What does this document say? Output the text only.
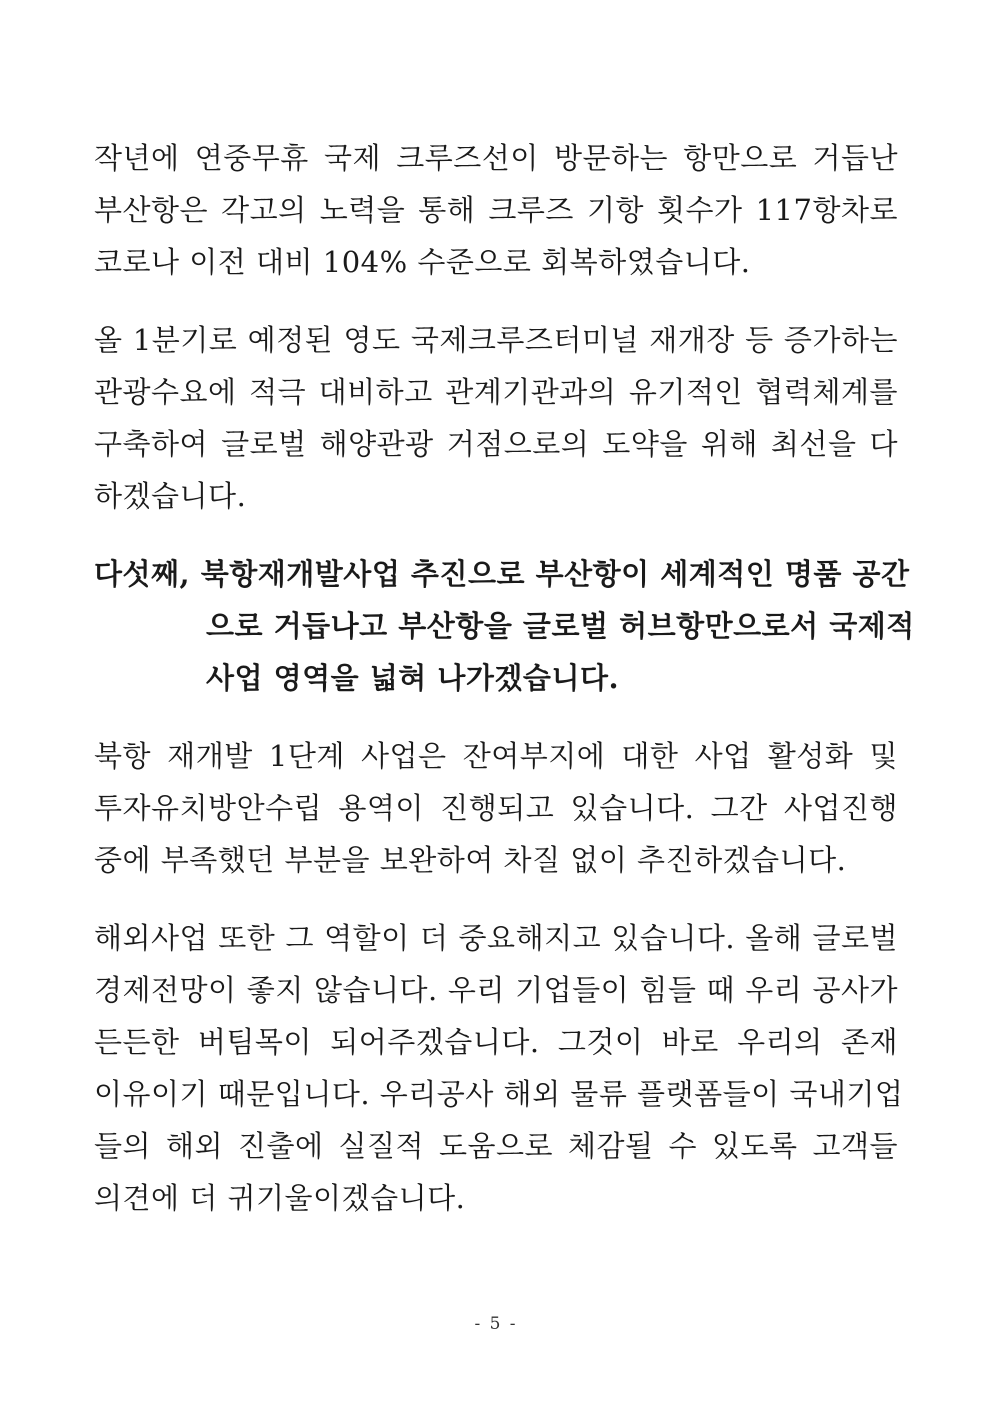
작년에 연중무휴 국제 크루즈선이 방문하는 항만으로 거듭난
부산항은 각고의 노력을 통해 크루즈 기항 횟수가 117항차로
코로나 이전 대비 104% 수준으로 회복하였습니다.
올 1분기로 예정된 영도 국제크루즈터미널 재개장 등 증가하는
관광수요에 적극 대비하고 관계기관과의 유기적인 협력체계를
구축하여 글로벌 해양관광 거점으로의 도약을 위해 최선을 다
하겠습니다.
다섯째, 북항재개발사업 추진으로 부산항이 세계적인 명품 공간
으로 거듭나고 부산항을 글로벌 허브항만으로서 국제적
사업 영역을 넓혀 나가겠습니다.
북항 재개발 1단계 사업은 잔여부지에 대한 사업 활성화 및
투자유치방안수립 용역이 진행되고 있습니다. 그간 사업진행
중에 부족했던 부분을 보완하여 차질 없이 추진하겠습니다.
해외사업 또한 그 역할이 더 중요해지고 있습니다. 올해 글로벌
경제전망이 좋지 않습니다. 우리 기업들이 힘들 때 우리 공사가
든든한 버팀목이 되어주겠습니다. 그것이 바로 우리의 존재
이유이기 때문입니다. 우리공사 해외 물류 플랫폼들이 국내기업
들의 해외 진출에 실질적 도움으로 체감될 수 있도록 고객들
의견에 더 귀기울이겠습니다.
- 5 -
